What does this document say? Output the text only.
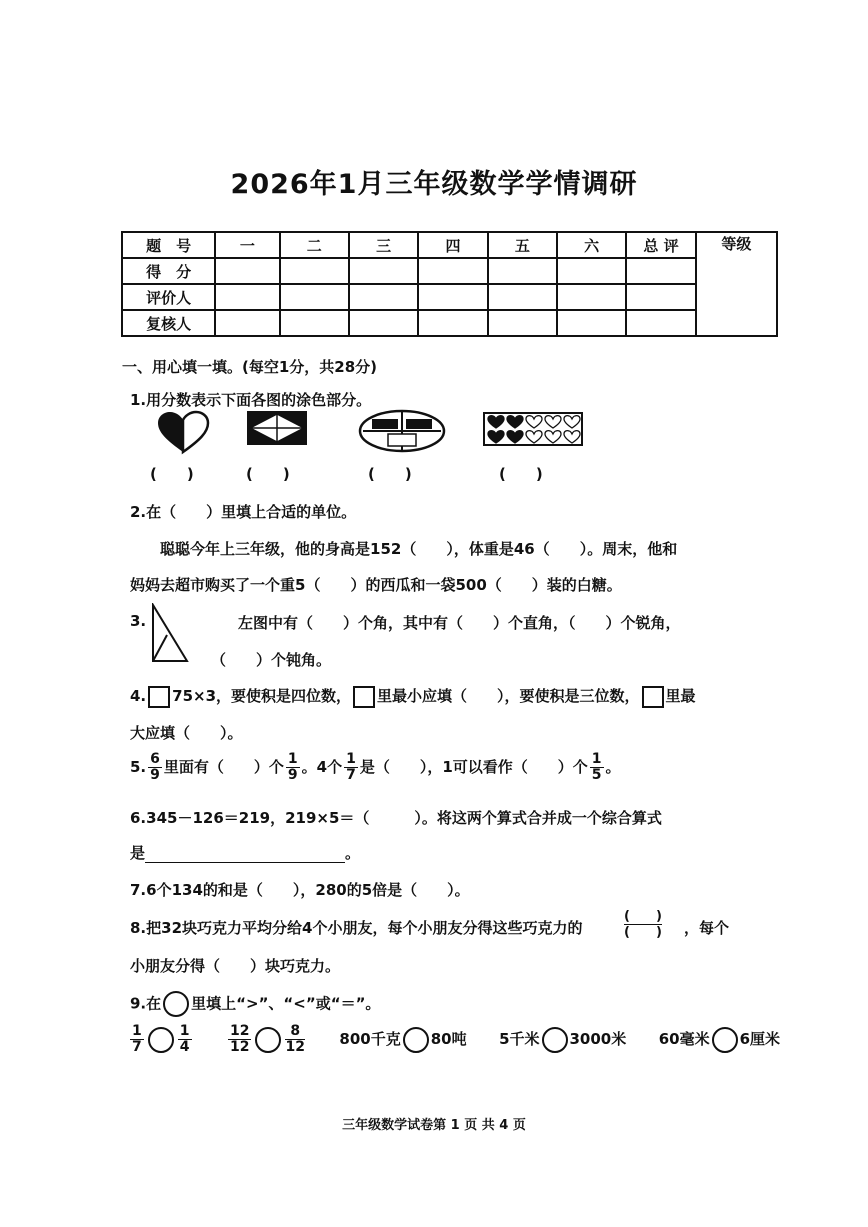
2026年1月三年级数学学情调研
题　号	一	二	三	四	五	六	总 评	等级

得　分								
评价人								
复核人								
一、用心填一填。(每空1分，共28分)
1.用分数表示下面各图的涂色部分。
(　　)	(　　)	(　　)	(　　)
2.在（　　）里填上合适的单位。
聪聪今年上三年级，他的身高是152（　　），体重是46（　　）。周末，他和
妈妈去超市购买了一个重5（　　）的西瓜和一袋500（　　）装的白糖。
3.	左图中有（　　）个角，其中有（　　）个直角，（　　）个锐角，
（　　）个钝角。
4. 75×3，要使积是四位数， 里最小应填（　　），要使积是三位数， 里最
大应填（　　）。
5. $\frac{6}{9}$ 里面有（　　）个 $\frac{1}{9}$ 。4个 $\frac{1}{7}$ 是（　　），1可以看作（　　）个 $\frac{1}{5}$ 。
6.345－126＝219，219×5＝（　　　）。将这两个算式合并成一个综合算式
是	。
7.6个134的和是（　　），280的5倍是（　　）。
8.把32块巧克力平均分给4个小朋友，每个小朋友分得这些巧克力的
(　　)
(　　) ，每个
小朋友分得（　　）块巧克力。
9.在 里填上“>”、“<”或“＝”。
$\frac{1}{7} \frac{1}{4}$
	$\frac{12}{12} \frac{8}{12} 800$千克 80吨 5千米 3000米 60毫米 6厘米
三年级数学试卷第 1 页 共 4 页
